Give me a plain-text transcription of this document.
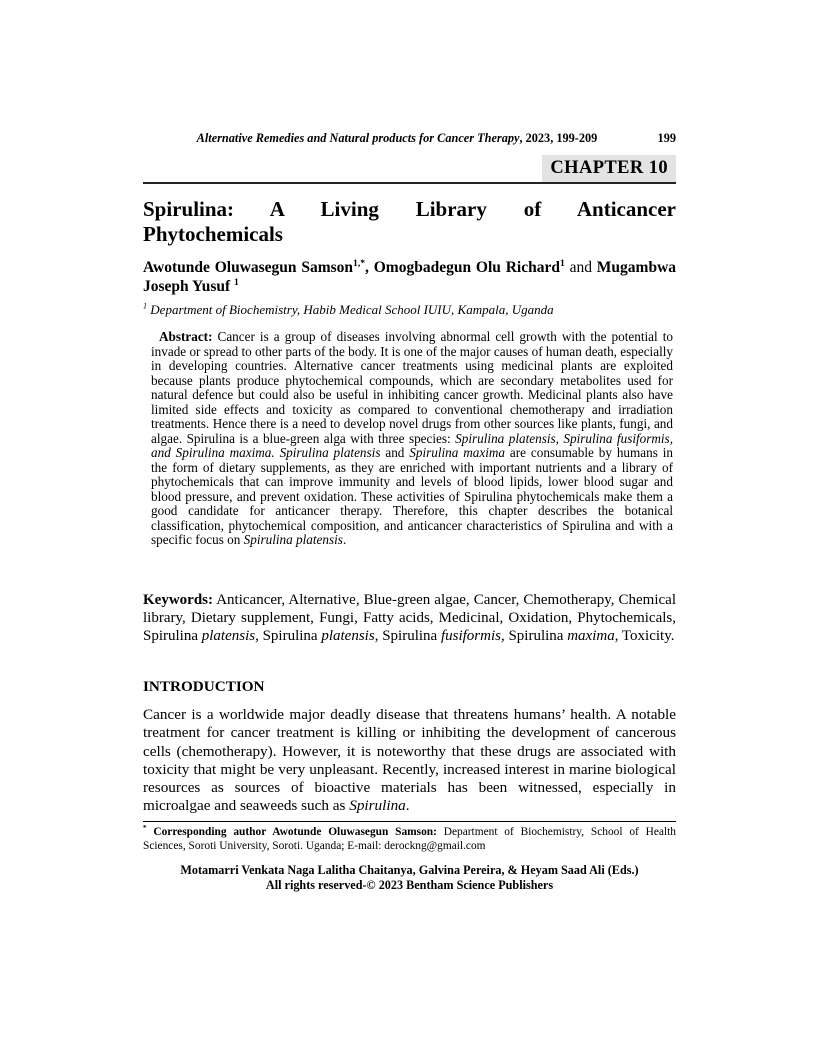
Alternative Remedies and Natural products for Cancer Therapy, 2023, 199-209	199
CHAPTER 10
Spirulina: A Living Library of Anticancer
Phytochemicals
Awotunde Oluwasegun Samson$^{1,*}$, Omogbadegun Olu Richard$^1$ and Mugambwa Joseph Yusuf $^1$
$^1$ Department of Biochemistry, Habib Medical School IUIU, Kampala, Uganda
Abstract: Cancer is a group of diseases involving abnormal cell growth with the potential to invade or spread to other parts of the body. It is one of the major causes of human death, especially in developing countries. Alternative cancer treatments using medicinal plants are exploited because plants produce phytochemical compounds, which are secondary metabolites used for natural defence but could also be useful in inhibiting cancer growth. Medicinal plants also have limited side effects and toxicity as compared to conventional chemotherapy and irradiation treatments. Hence there is a need to develop novel drugs from other sources like plants, fungi, and algae. Spirulina is a blue-green alga with three species: Spirulina platensis, Spirulina fusiformis, and Spirulina maxima. Spirulina platensis and Spirulina maxima are consumable by humans in the form of dietary supplements, as they are enriched with important nutrients and a library of phytochemicals that can improve immunity and levels of blood lipids, lower blood sugar and blood pressure, and prevent oxidation. These activities of Spirulina phytochemicals make them a good candidate for anticancer therapy. Therefore, this chapter describes the botanical classification, phytochemical composition, and anticancer characteristics of Spirulina and with a specific focus on Spirulina platensis.
Keywords: Anticancer, Alternative, Blue-green algae, Cancer, Chemotherapy, Chemical library, Dietary supplement, Fungi, Fatty acids, Medicinal, Oxidation, Phytochemicals, Spirulina platensis, Spirulina platensis, Spirulina fusiformis, Spirulina maxima, Toxicity.
INTRODUCTION
Cancer is a worldwide major deadly disease that threatens humans’ health. A notable treatment for cancer treatment is killing or inhibiting the development of cancerous cells (chemotherapy). However, it is noteworthy that these drugs are associated with toxicity that might be very unpleasant. Recently, increased interest in marine biological resources as sources of bioactive materials has been witnessed, especially in microalgae and seaweeds such as Spirulina.
* Corresponding author Awotunde Oluwasegun Samson: Department of Biochemistry, School of Health Sciences, Soroti University, Soroti. Uganda; E-mail: derockng@gmail.com
Motamarri Venkata Naga Lalitha Chaitanya, Galvina Pereira, & Heyam Saad Ali (Eds.)
All rights reserved-© 2023 Bentham Science Publishers
